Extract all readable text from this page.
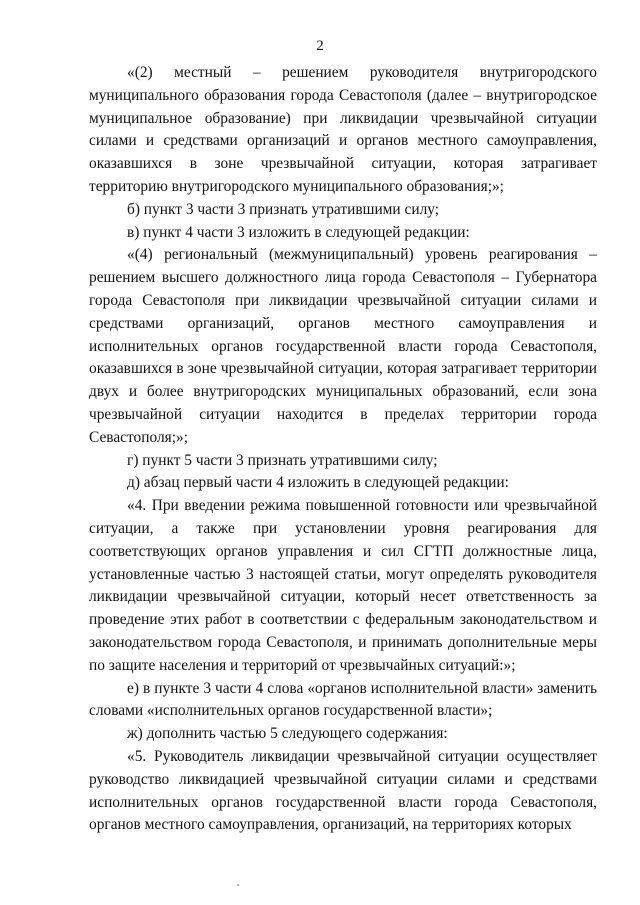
2

«(2) местный – решением руководителя внутригородского муниципального образования города Севастополя (далее – внутригородское муниципальное образование) при ликвидации чрезвычайной ситуации силами и средствами организаций и органов местного самоуправления, оказавшихся в зоне чрезвычайной ситуации, которая затрагивает территорию внутригородского муниципального образования;»;

б) пункт 3 части 3 признать утратившими силу;

в) пункт 4 части 3 изложить в следующей редакции:

«(4) региональный (межмуниципальный) уровень реагирования – решением высшего должностного лица города Севастополя – Губернатора города Севастополя при ликвидации чрезвычайной ситуации силами и средствами организаций, органов местного самоуправления и исполнительных органов государственной власти города Севастополя, оказавшихся в зоне чрезвычайной ситуации, которая затрагивает территории двух и более внутригородских муниципальных образований, если зона чрезвычайной ситуации находится в пределах территории города Севастополя;»;

г) пункт 5 части 3 признать утратившими силу;

д) абзац первый части 4 изложить в следующей редакции:

«4. При введении режима повышенной готовности или чрезвычайной ситуации, а также при установлении уровня реагирования для соответствующих органов управления и сил СГТП должностные лица, установленные частью 3 настоящей статьи, могут определять руководителя ликвидации чрезвычайной ситуации, который несет ответственность за проведение этих работ в соответствии с федеральным законодательством и законодательством города Севастополя, и принимать дополнительные меры по защите населения и территорий от чрезвычайных ситуаций:»;

е) в пункте 3 части 4 слова «органов исполнительной власти» заменить словами «исполнительных органов государственной власти»;

ж) дополнить частью 5 следующего содержания:

«5. Руководитель ликвидации чрезвычайной ситуации осуществляет руководство ликвидацией чрезвычайной ситуации силами и средствами исполнительных органов государственной власти города Севастополя, органов местного самоуправления, организаций, на территориях которых
